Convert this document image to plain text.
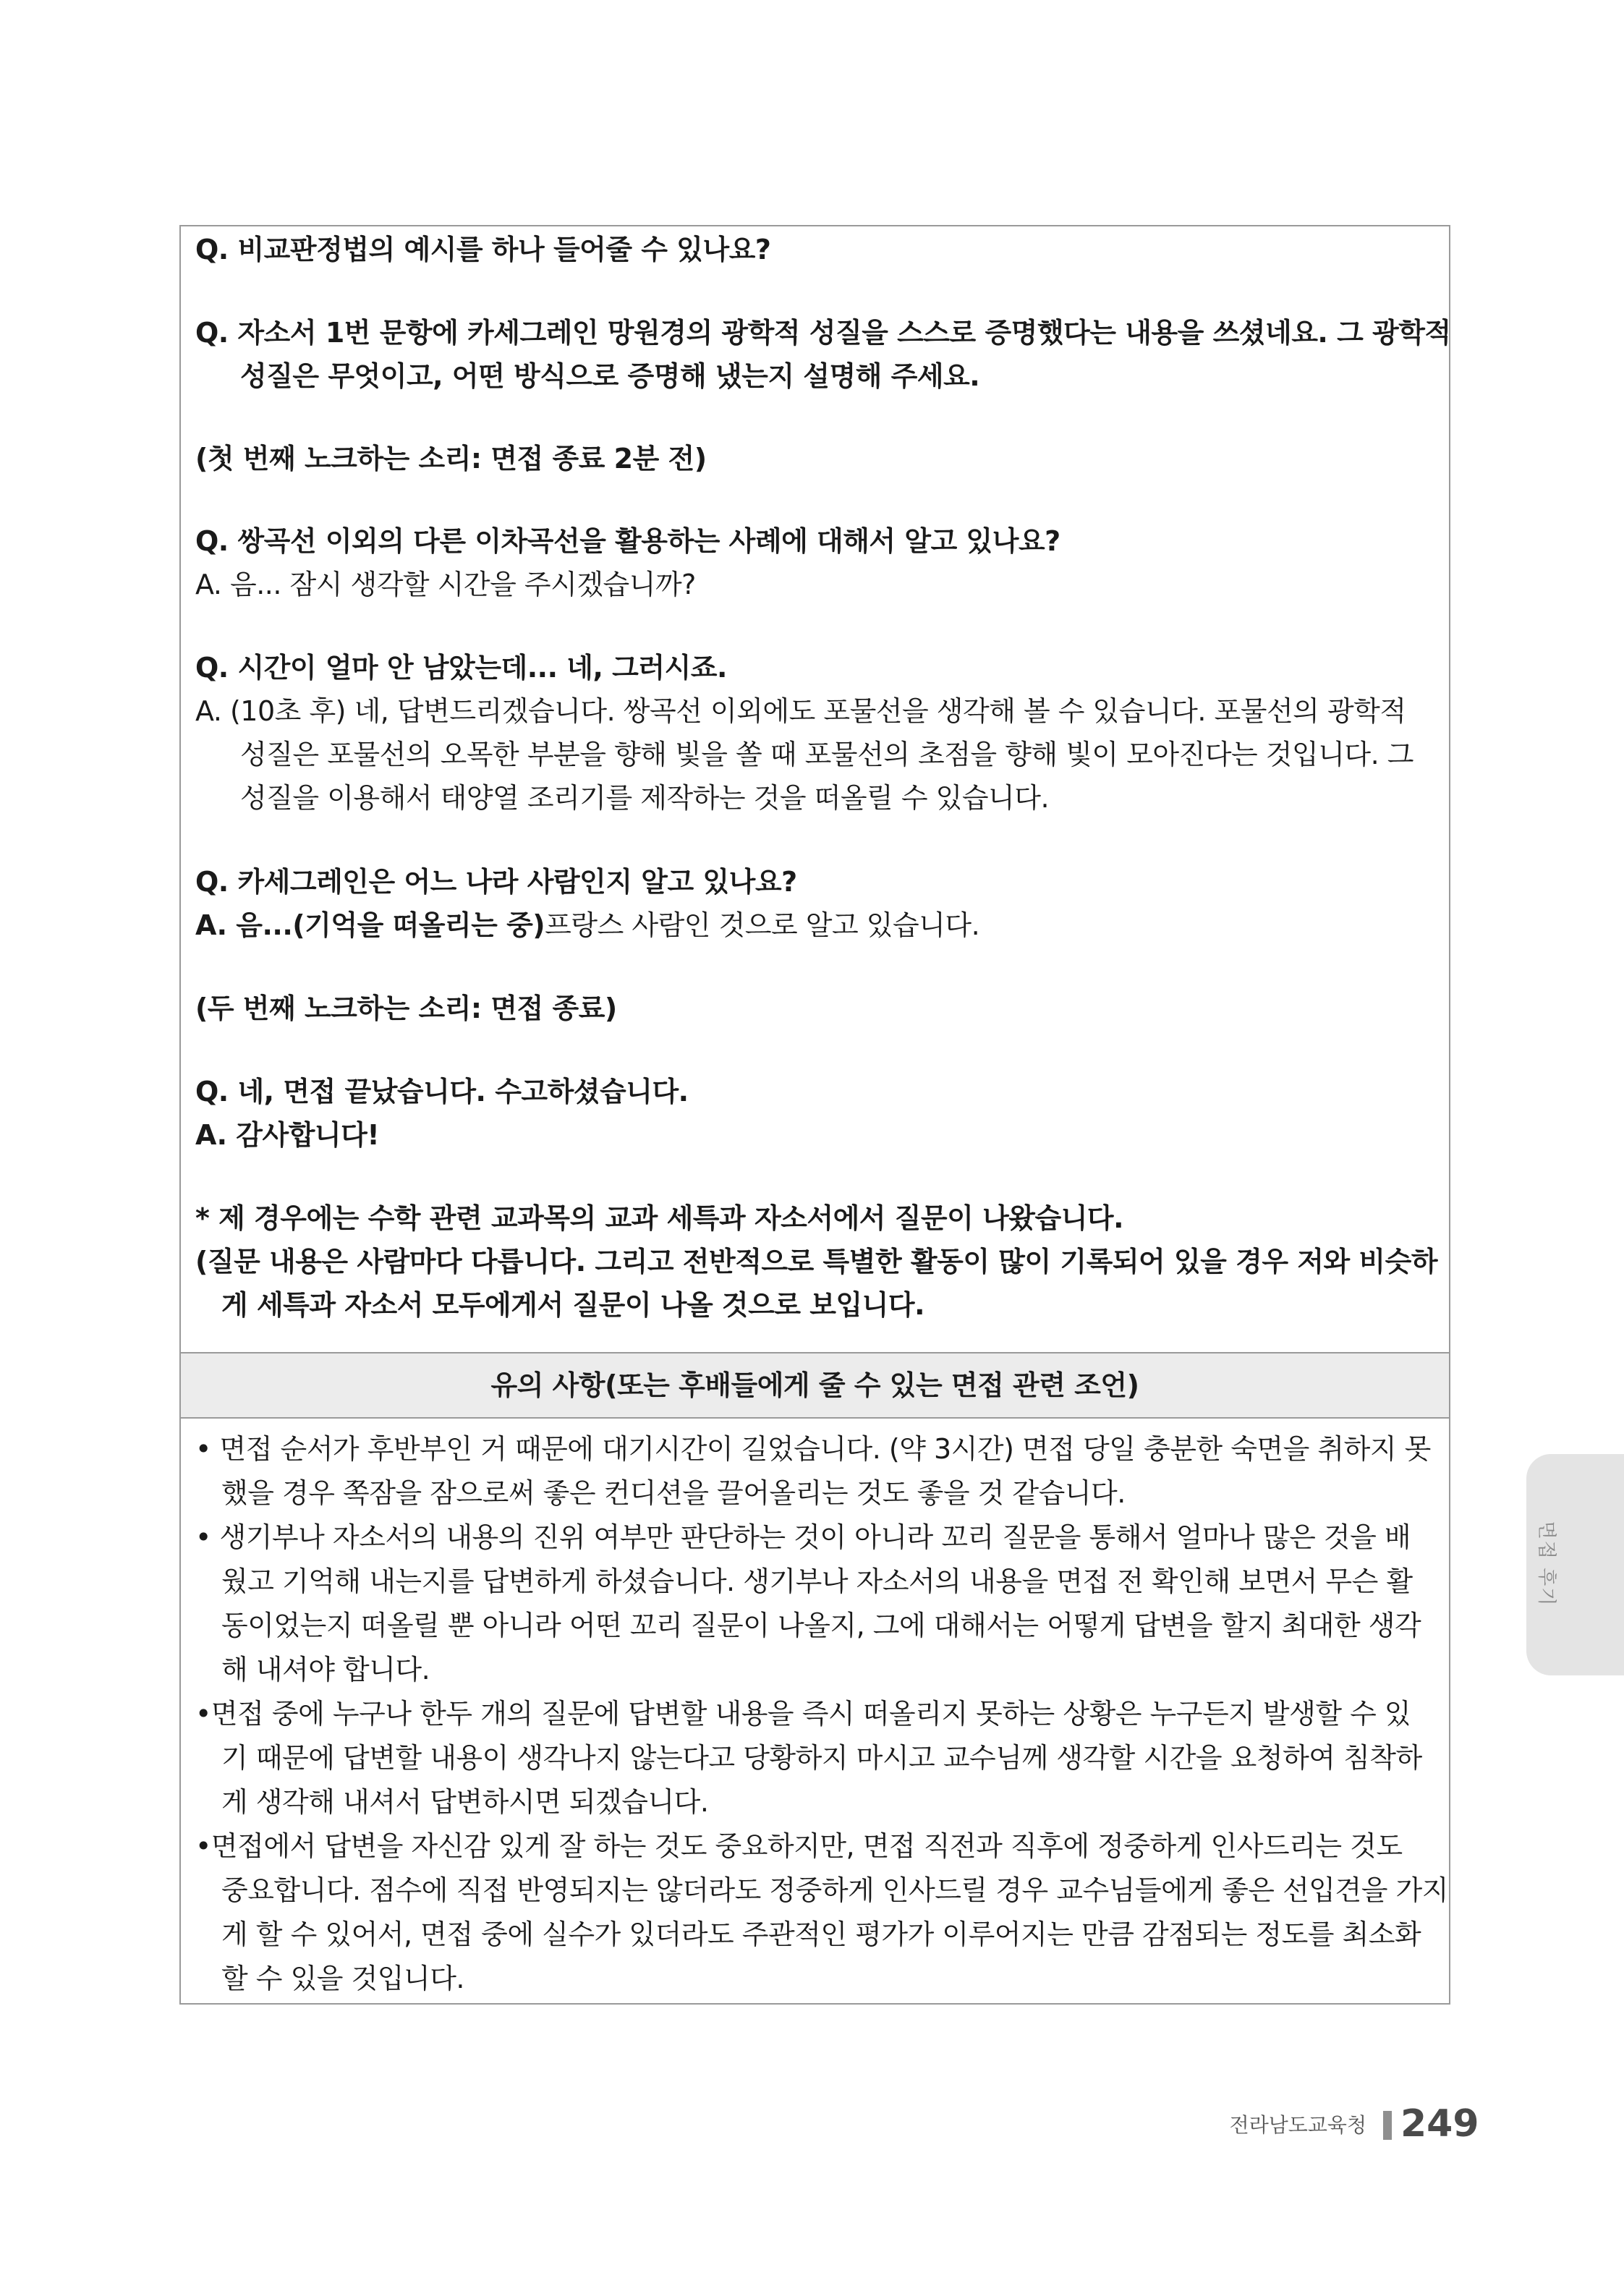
Q. 비교판정법의 예시를 하나 들어줄 수 있나요?
Q. 자소서 1번 문항에 카세그레인 망원경의 광학적 성질을 스스로 증명했다는 내용을 쓰셨네요. 그 광학적
성질은 무엇이고, 어떤 방식으로 증명해 냈는지 설명해 주세요.
(첫 번째 노크하는 소리: 면접 종료 2분 전)
Q. 쌍곡선 이외의 다른 이차곡선을 활용하는 사례에 대해서 알고 있나요?
A. 음... 잠시 생각할 시간을 주시겠습니까?
Q. 시간이 얼마 안 남았는데... 네, 그러시죠.
A. (10초 후) 네, 답변드리겠습니다. 쌍곡선 이외에도 포물선을 생각해 볼 수 있습니다. 포물선의 광학적
성질은 포물선의 오목한 부분을 향해 빛을 쏠 때 포물선의 초점을 향해 빛이 모아진다는 것입니다. 그
성질을 이용해서 태양열 조리기를 제작하는 것을 떠올릴 수 있습니다.
Q. 카세그레인은 어느 나라 사람인지 알고 있나요?
A. 음...(기억을 떠올리는 중)프랑스 사람인 것으로 알고 있습니다.
(두 번째 노크하는 소리: 면접 종료)
Q. 네, 면접 끝났습니다. 수고하셨습니다.
A. 감사합니다!
* 제 경우에는 수학 관련 교과목의 교과 세특과 자소서에서 질문이 나왔습니다.
(질문 내용은 사람마다 다릅니다. 그리고 전반적으로 특별한 활동이 많이 기록되어 있을 경우 저와 비슷하
게 세특과 자소서 모두에게서 질문이 나올 것으로 보입니다.
유의 사항(또는 후배들에게 줄 수 있는 면접 관련 조언)
• 면접 순서가 후반부인 거 때문에 대기시간이 길었습니다. (약 3시간) 면접 당일 충분한 숙면을 취하지 못
했을 경우 쪽잠을 잠으로써 좋은 컨디션을 끌어올리는 것도 좋을 것 같습니다.
• 생기부나 자소서의 내용의 진위 여부만 판단하는 것이 아니라 꼬리 질문을 통해서 얼마나 많은 것을 배
웠고 기억해 내는지를 답변하게 하셨습니다. 생기부나 자소서의 내용을 면접 전 확인해 보면서 무슨 활
동이었는지 떠올릴 뿐 아니라 어떤 꼬리 질문이 나올지, 그에 대해서는 어떻게 답변을 할지 최대한 생각
해 내셔야 합니다.
•면접 중에 누구나 한두 개의 질문에 답변할 내용을 즉시 떠올리지 못하는 상황은 누구든지 발생할 수 있
기 때문에 답변할 내용이 생각나지 않는다고 당황하지 마시고 교수님께 생각할 시간을 요청하여 침착하
게 생각해 내셔서 답변하시면 되겠습니다.
•면접에서 답변을 자신감 있게 잘 하는 것도 중요하지만, 면접 직전과 직후에 정중하게 인사드리는 것도
중요합니다. 점수에 직접 반영되지는 않더라도 정중하게 인사드릴 경우 교수님들에게 좋은 선입견을 가지
게 할 수 있어서, 면접 중에 실수가 있더라도 주관적인 평가가 이루어지는 만큼 감점되는 정도를 최소화
할 수 있을 것입니다.
면접 후기
전라남도교육청 249
